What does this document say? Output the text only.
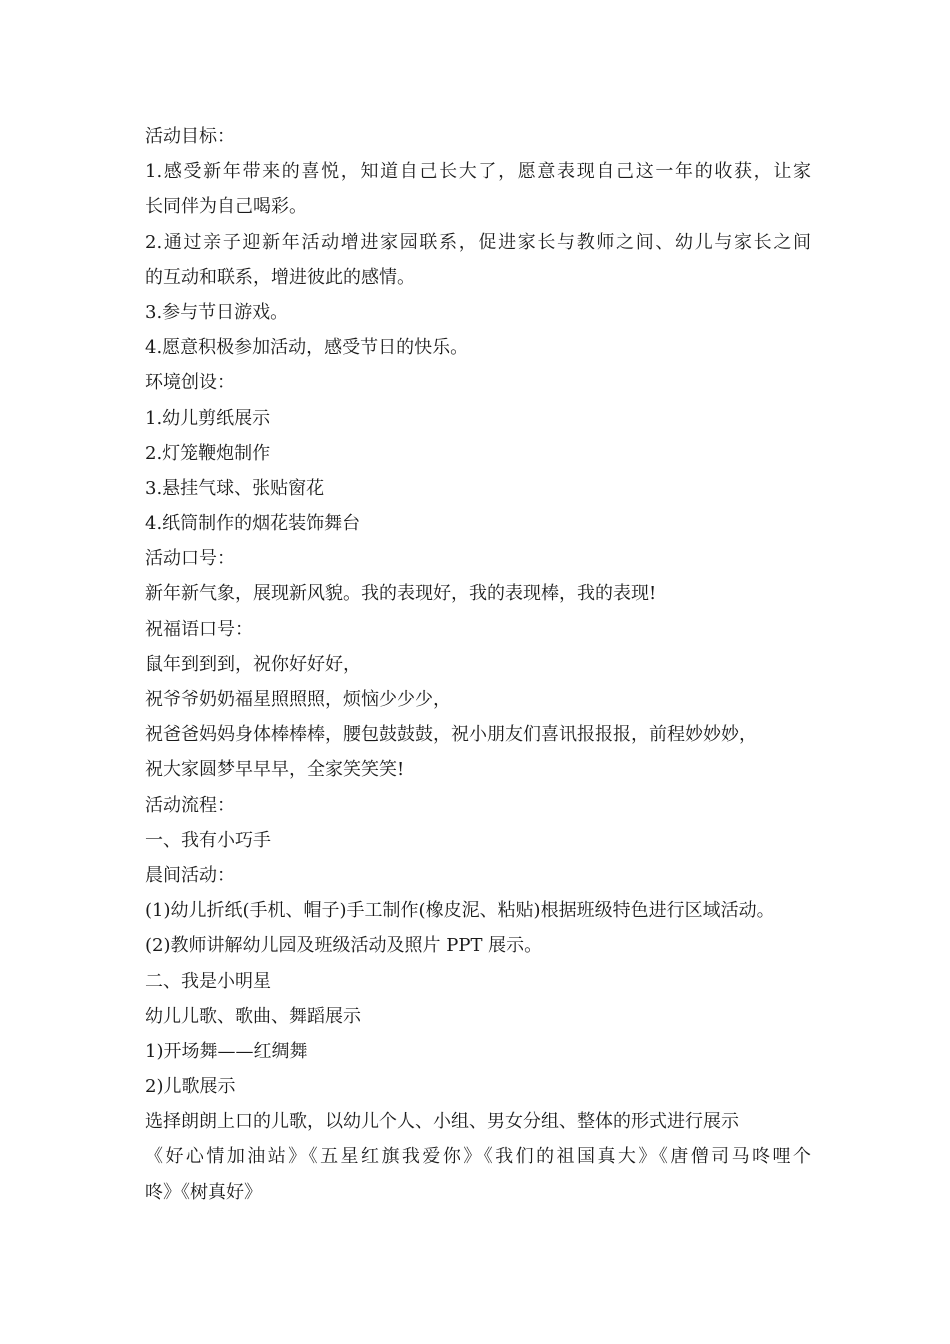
活动目标：
1.感受新年带来的喜悦，知道自己长大了，愿意表现自己这一年的收获，让家
长同伴为自己喝彩。
2.通过亲子迎新年活动增进家园联系，促进家长与教师之间、幼儿与家长之间
的互动和联系，增进彼此的感情。
3.参与节日游戏。
4.愿意积极参加活动，感受节日的快乐。
环境创设：
1.幼儿剪纸展示
2.灯笼鞭炮制作
3.悬挂气球、张贴窗花
4.纸筒制作的烟花装饰舞台
活动口号：
新年新气象，展现新风貌。我的表现好，我的表现棒，我的表现!
祝福语口号：
鼠年到到到，祝你好好好，
祝爷爷奶奶福星照照照，烦恼少少少，
祝爸爸妈妈身体棒棒棒，腰包鼓鼓鼓，祝小朋友们喜讯报报报，前程妙妙妙，
祝大家圆梦早早早，全家笑笑笑!
活动流程：
一、我有小巧手
晨间活动：
(1)幼儿折纸(手机、帽子)手工制作(橡皮泥、粘贴)根据班级特色进行区域活动。
(2)教师讲解幼儿园及班级活动及照片 PPT 展示。
二、我是小明星
幼儿儿歌、歌曲、舞蹈展示
1)开场舞——红绸舞
2)儿歌展示
选择朗朗上口的儿歌，以幼儿个人、小组、男女分组、整体的形式进行展示
《好心情加油站》《五星红旗我爱你》《我们的祖国真大》《唐僧司马咚哩个
咚》《树真好》
